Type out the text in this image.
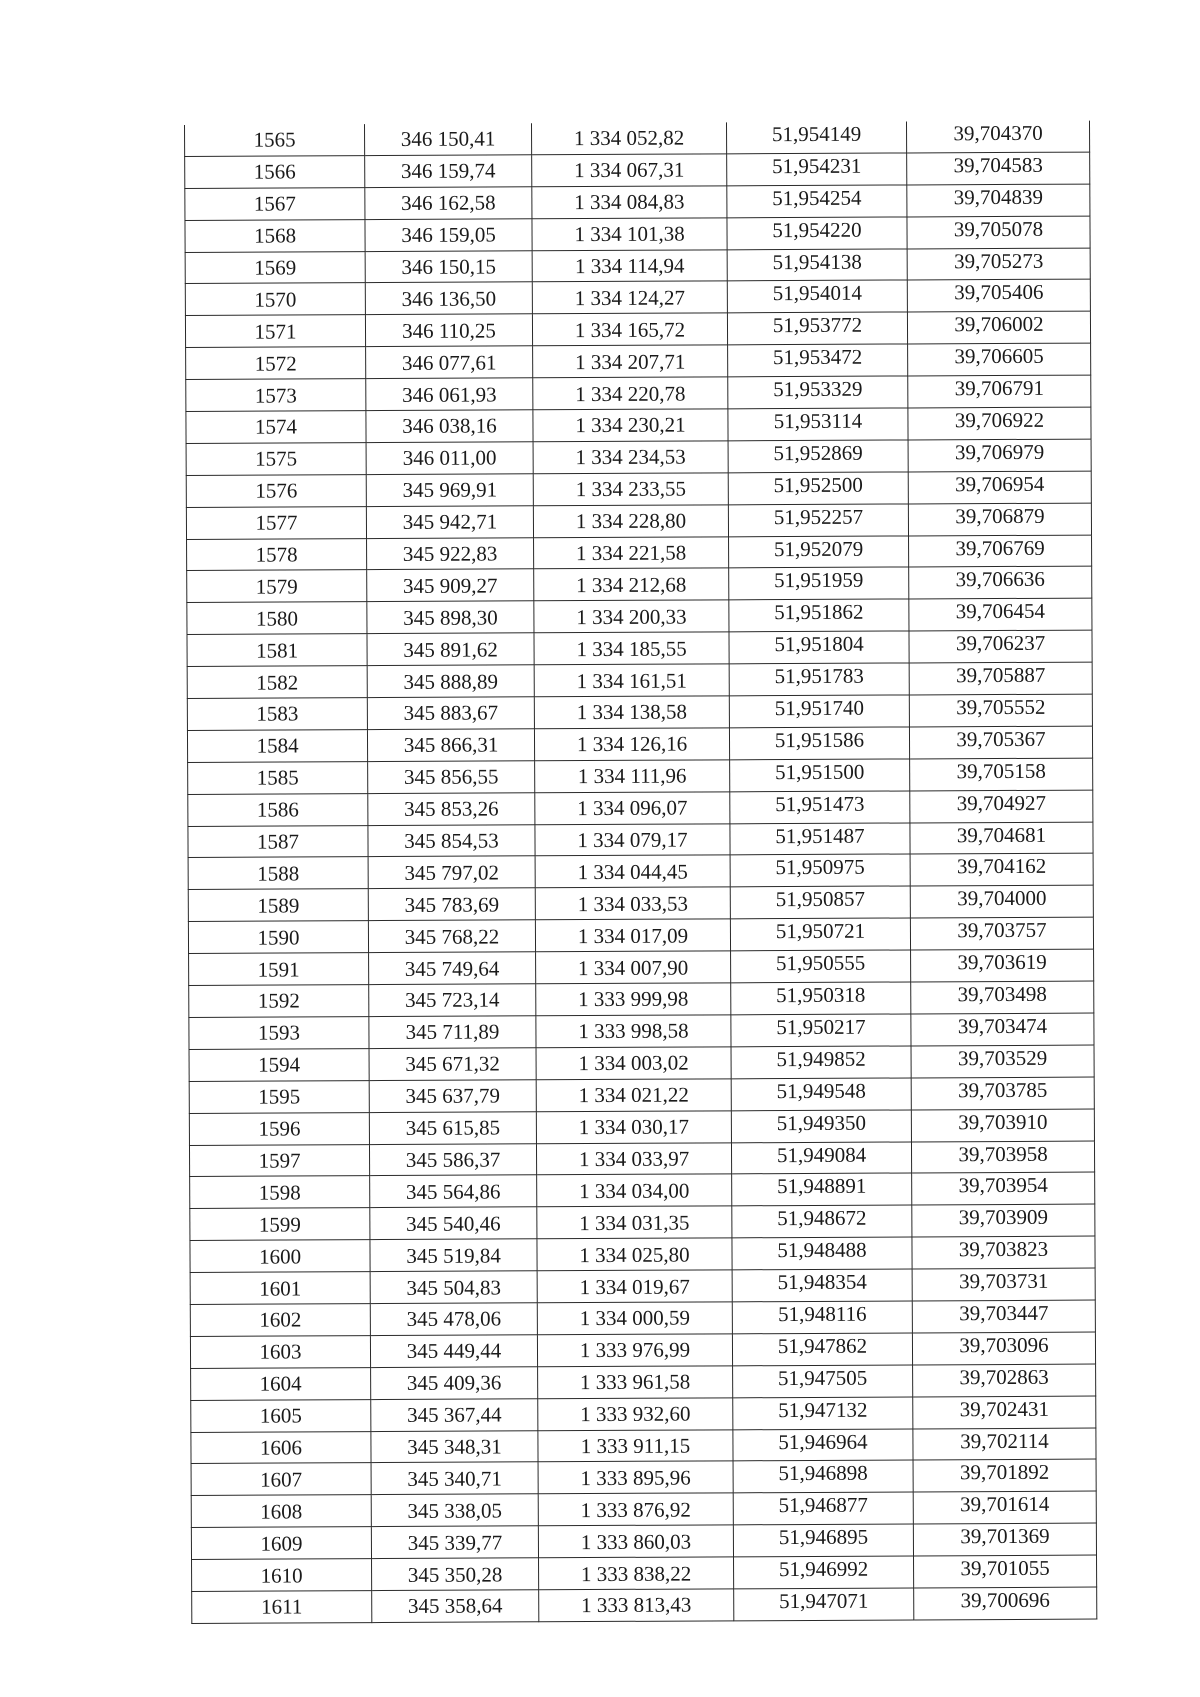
1565	346 150,41	1 334 052,82	51,954149	39,704370
1566	346 159,74	1 334 067,31	51,954231	39,704583
1567	346 162,58	1 334 084,83	51,954254	39,704839
1568	346 159,05	1 334 101,38	51,954220	39,705078
1569	346 150,15	1 334 114,94	51,954138	39,705273
1570	346 136,50	1 334 124,27	51,954014	39,705406
1571	346 110,25	1 334 165,72	51,953772	39,706002
1572	346 077,61	1 334 207,71	51,953472	39,706605
1573	346 061,93	1 334 220,78	51,953329	39,706791
1574	346 038,16	1 334 230,21	51,953114	39,706922
1575	346 011,00	1 334 234,53	51,952869	39,706979
1576	345 969,91	1 334 233,55	51,952500	39,706954
1577	345 942,71	1 334 228,80	51,952257	39,706879
1578	345 922,83	1 334 221,58	51,952079	39,706769
1579	345 909,27	1 334 212,68	51,951959	39,706636
1580	345 898,30	1 334 200,33	51,951862	39,706454
1581	345 891,62	1 334 185,55	51,951804	39,706237
1582	345 888,89	1 334 161,51	51,951783	39,705887
1583	345 883,67	1 334 138,58	51,951740	39,705552
1584	345 866,31	1 334 126,16	51,951586	39,705367
1585	345 856,55	1 334 111,96	51,951500	39,705158
1586	345 853,26	1 334 096,07	51,951473	39,704927
1587	345 854,53	1 334 079,17	51,951487	39,704681
1588	345 797,02	1 334 044,45	51,950975	39,704162
1589	345 783,69	1 334 033,53	51,950857	39,704000
1590	345 768,22	1 334 017,09	51,950721	39,703757
1591	345 749,64	1 334 007,90	51,950555	39,703619
1592	345 723,14	1 333 999,98	51,950318	39,703498
1593	345 711,89	1 333 998,58	51,950217	39,703474
1594	345 671,32	1 334 003,02	51,949852	39,703529
1595	345 637,79	1 334 021,22	51,949548	39,703785
1596	345 615,85	1 334 030,17	51,949350	39,703910
1597	345 586,37	1 334 033,97	51,949084	39,703958
1598	345 564,86	1 334 034,00	51,948891	39,703954
1599	345 540,46	1 334 031,35	51,948672	39,703909
1600	345 519,84	1 334 025,80	51,948488	39,703823
1601	345 504,83	1 334 019,67	51,948354	39,703731
1602	345 478,06	1 334 000,59	51,948116	39,703447
1603	345 449,44	1 333 976,99	51,947862	39,703096
1604	345 409,36	1 333 961,58	51,947505	39,702863
1605	345 367,44	1 333 932,60	51,947132	39,702431
1606	345 348,31	1 333 911,15	51,946964	39,702114
1607	345 340,71	1 333 895,96	51,946898	39,701892
1608	345 338,05	1 333 876,92	51,946877	39,701614
1609	345 339,77	1 333 860,03	51,946895	39,701369
1610	345 350,28	1 333 838,22	51,946992	39,701055
1611	345 358,64	1 333 813,43	51,947071	39,700696
